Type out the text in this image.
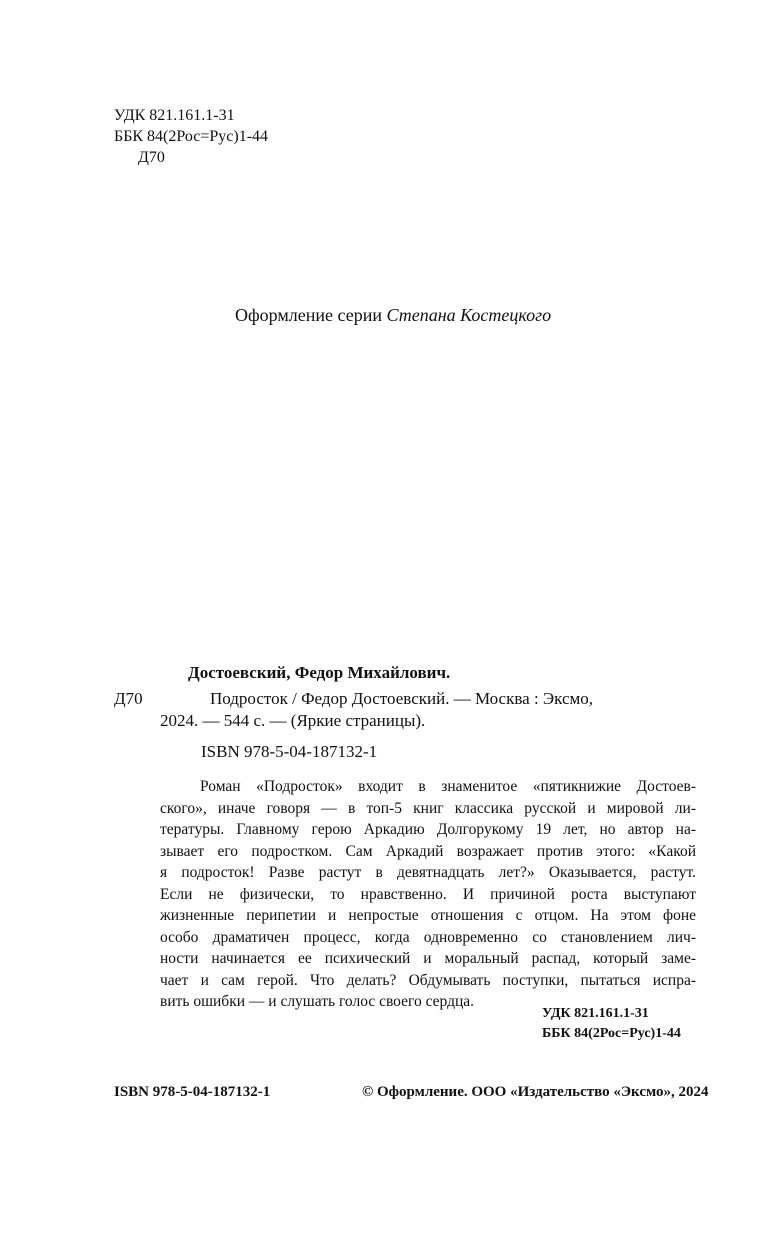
УДК 821.161.1-31
ББК 84(2Рос=Рус)1-44
Д70
Оформление серии Степана Костецкого
Достоевский, Федор Михайлович.
Д70	Подросток / Федор Достоевский. — Москва : Эксмо,
2024. — 544 с. — (Яркие страницы).
ISBN 978-5-04-187132-1
Роман «Подросток» входит в знаменитое «пятикнижие Достоев-
ского», иначе говоря — в топ-5 книг классика русской и мировой ли-
тературы. Главному герою Аркадию Долгорукому 19 лет, но автор на-
зывает его подростком. Сам Аркадий возражает против этого: «Какой
я подросток! Разве растут в девятнадцать лет?» Оказывается, растут.
Если не физически, то нравственно. И причиной роста выступают
жизненные перипетии и непростые отношения с отцом. На этом фоне
особо драматичен процесс, когда одновременно со становлением лич-
ности начинается ее психический и моральный распад, который заме-
чает и сам герой. Что делать? Обдумывать поступки, пытаться испра-
вить ошибки — и слушать голос своего сердца.
УДК 821.161.1-31
ББК 84(2Рос=Рус)1-44
ISBN 978-5-04-187132-1	© Оформление. ООО «Издательство «Эксмо», 2024
